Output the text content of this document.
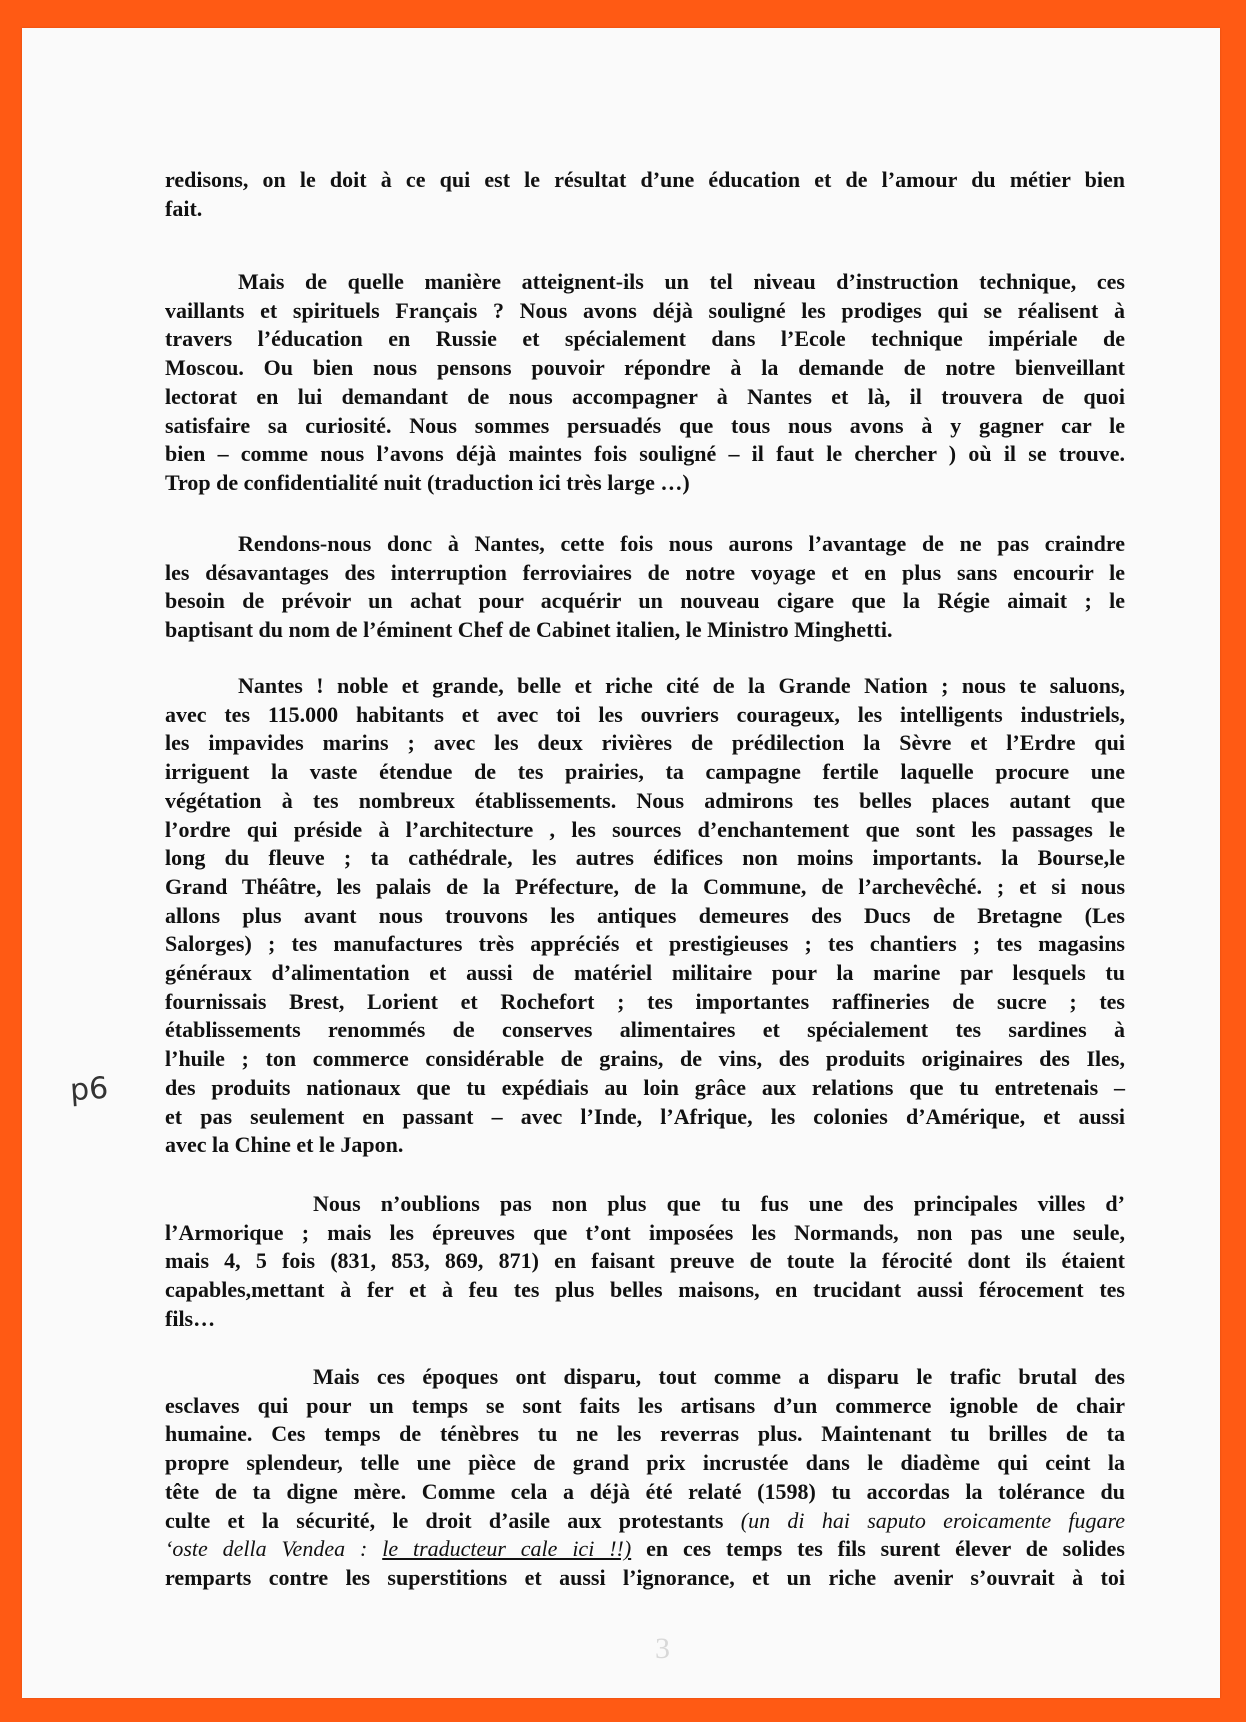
redisons, on le doit à ce qui est le résultat d’une éducation et de l’amour du métier bien
fait.
Mais de quelle manière atteignent-ils un tel niveau d’instruction technique, ces
vaillants et spirituels Français ? Nous avons déjà souligné les prodiges qui se réalisent à
travers l’éducation en Russie et spécialement dans l’Ecole technique impériale de
Moscou. Ou bien nous pensons pouvoir répondre à la demande de notre bienveillant
lectorat en lui demandant de nous accompagner à Nantes et là, il trouvera de quoi
satisfaire sa curiosité. Nous sommes persuadés que tous nous avons à y gagner car le
bien – comme nous l’avons déjà maintes fois souligné – il faut le chercher ) où il se trouve.
Trop de confidentialité nuit (traduction ici très large …)
Rendons-nous donc à Nantes, cette fois nous aurons l’avantage de ne pas craindre
les désavantages des interruption ferroviaires de notre voyage et en plus sans encourir le
besoin de prévoir un achat pour acquérir un nouveau cigare que la Régie aimait ; le
baptisant du nom de l’éminent Chef de Cabinet italien, le Ministro Minghetti.
Nantes ! noble et grande, belle et riche cité de la Grande Nation ; nous te saluons,
avec tes 115.000 habitants et avec toi les ouvriers courageux, les intelligents industriels,
les impavides marins ; avec les deux rivières de prédilection la Sèvre et l’Erdre qui
irriguent la vaste étendue de tes prairies, ta campagne fertile laquelle procure une
végétation à tes nombreux établissements. Nous admirons tes belles places autant que
l’ordre qui préside à l’architecture , les sources d’enchantement que sont les passages le
long du fleuve ; ta cathédrale, les autres édifices non moins importants. la Bourse,le
Grand Théâtre, les palais de la Préfecture, de la Commune, de l’archevêché. ; et si nous
allons plus avant nous trouvons les antiques demeures des Ducs de Bretagne (Les
Salorges) ; tes manufactures très appréciés et prestigieuses ; tes chantiers ; tes magasins
généraux d’alimentation et aussi de matériel militaire pour la marine par lesquels tu
fournissais Brest, Lorient et Rochefort ; tes importantes raffineries de sucre ; tes
établissements renommés de conserves alimentaires et spécialement tes sardines à
l’huile ; ton commerce considérable de grains, de vins, des produits originaires des Iles,
des produits nationaux que tu expédiais au loin grâce aux relations que tu entretenais –
et pas seulement en passant – avec l’Inde, l’Afrique, les colonies d’Amérique, et aussi
avec la Chine et le Japon.
Nous n’oublions pas non plus que tu fus une des principales villes d’
l’Armorique ; mais les épreuves que t’ont imposées les Normands, non pas une seule,
mais 4, 5 fois (831, 853, 869, 871) en faisant preuve de toute la férocité dont ils étaient
capables,mettant à fer et à feu tes plus belles maisons, en trucidant aussi férocement tes
fils…
Mais ces époques ont disparu, tout comme a disparu le trafic brutal des
esclaves qui pour un temps se sont faits les artisans d’un commerce ignoble de chair
humaine. Ces temps de ténèbres tu ne les reverras plus. Maintenant tu brilles de ta
propre splendeur, telle une pièce de grand prix incrustée dans le diadème qui ceint la
tête de ta digne mère. Comme cela a déjà été relaté (1598) tu accordas la tolérance du
culte et la sécurité, le droit d’asile aux protestants (un di hai saputo eroicamente fugare
‘oste della Vendea : le traducteur cale ici !!) en ces temps tes fils surent élever de solides
remparts contre les superstitions et aussi l’ignorance, et un riche avenir s’ouvrait à toi
p6
3
